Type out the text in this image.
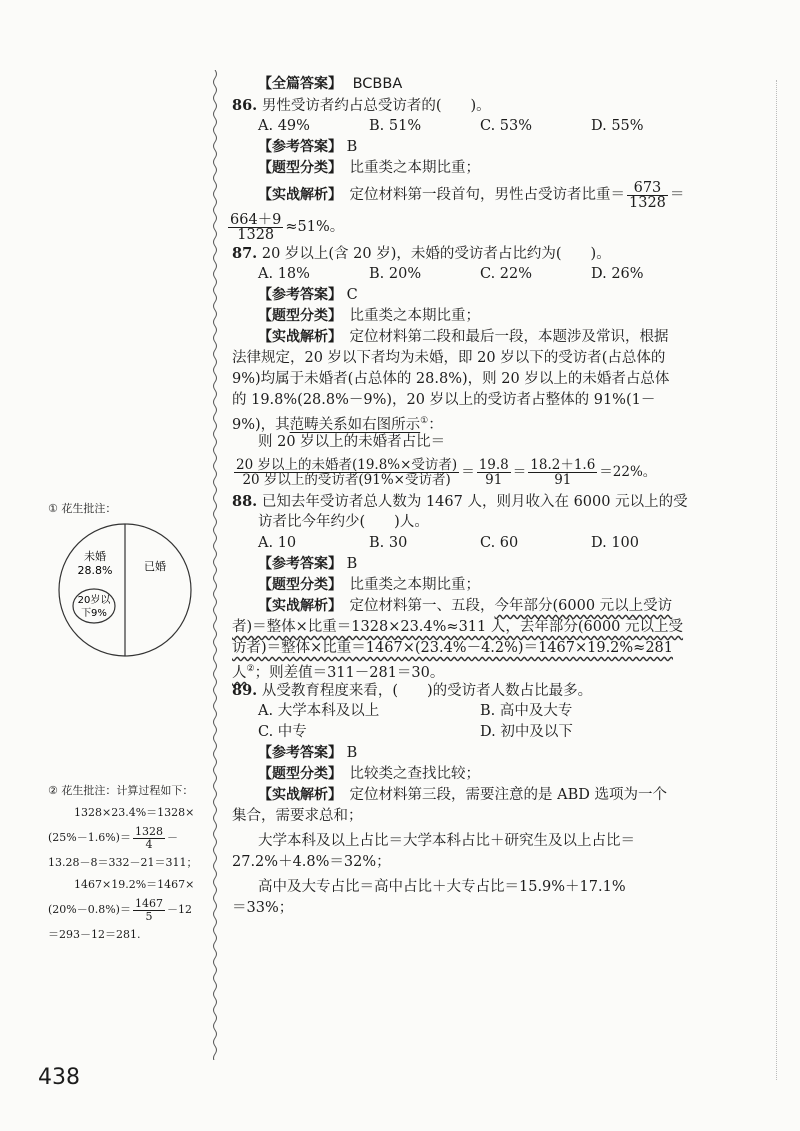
【全篇答案】 BCBBA
86. 男性受访者约占总受访者的(　　)。
A. 49%	B. 51%	C. 53%	D. 55%
【参考答案】 B
【题型分类】　 比重类之本期比重；
【实战解析】　 定位材料第一段首句，男性占受访者比重＝ $\frac{673}{1328}$ ＝
$\frac{664+9}{1328} \approx 51\%$。
87. 20 岁以上(含 20 岁)，未婚的受访者占比约为(　　)。
A. 18%	B. 20%	C. 22%	D. 26%
【参考答案】 C
【题型分类】　 比重类之本期比重；
【实战解析】　 定位材料第二段和最后一段，本题涉及常识，根据
法律规定，20 岁以下者均为未婚，即 20 岁以下的受访者(占总体的
9%)均属于未婚者(占总体的 28.8%)，则 20 岁以上的未婚者占总体
的 19.8%(28.8%－9%)，20 岁以上的受访者占整体的 91%(1－
9%)，其范畴关系如右图所示①：
则 20 岁以上的未婚者占比＝
$\frac{\text{20 岁以上的未婚者(19.8\%×受访者)}}{\text{20 岁以上的受访者(91\%×受访者)}} = \frac{19.8}{91} = \frac{18.2+1.6}{91} =22\%$。
88. 已知去年受访者总人数为 1467 人，则月收入在 6000 元以上的受
访者比今年约少(　　)人。
A. 10	B. 30	C. 60	D. 100
【参考答案】 B
【题型分类】　 比重类之本期比重；
【实战解析】　 定位材料第一、五段，今年部分(6000 元以上受访
者)＝整体×比重＝1328×23.4%≈311 人，去年部分(6000 元以上受
访者)＝整体×比重＝1467×(23.4%－4.2%)＝1467×19.2%≈281
人②；则差值＝311－281＝30。
89. 从受教育程度来看，(　　)的受访者人数占比最多。
A. 大学本科及以上	B. 高中及大专
C. 中专	D. 初中及以下
【参考答案】 B
【题型分类】　 比较类之查找比较；
【实战解析】　 定位材料第三段，需要注意的是 ABD 选项为一个
集合，需要求总和；
大学本科及以上占比＝大学本科占比＋研究生及以上占比＝
27.2%＋4.8%＝32%；
高中及大专占比＝高中占比＋大专占比＝15.9%＋17.1%
＝33%；
① 花生批注：
未婚
28.8%
20岁以
下9%
已婚
② 花生批注：计算过程如下：
1328×23.4%＝1328×
$(25\%-1.6\%)= \frac{1328}{4}$ －
13.28－8＝332－21＝311；
1467×19.2%＝1467×
$(20\%-0.8\%)= \frac{1467}{5} -12$
＝293－12＝281.
438
